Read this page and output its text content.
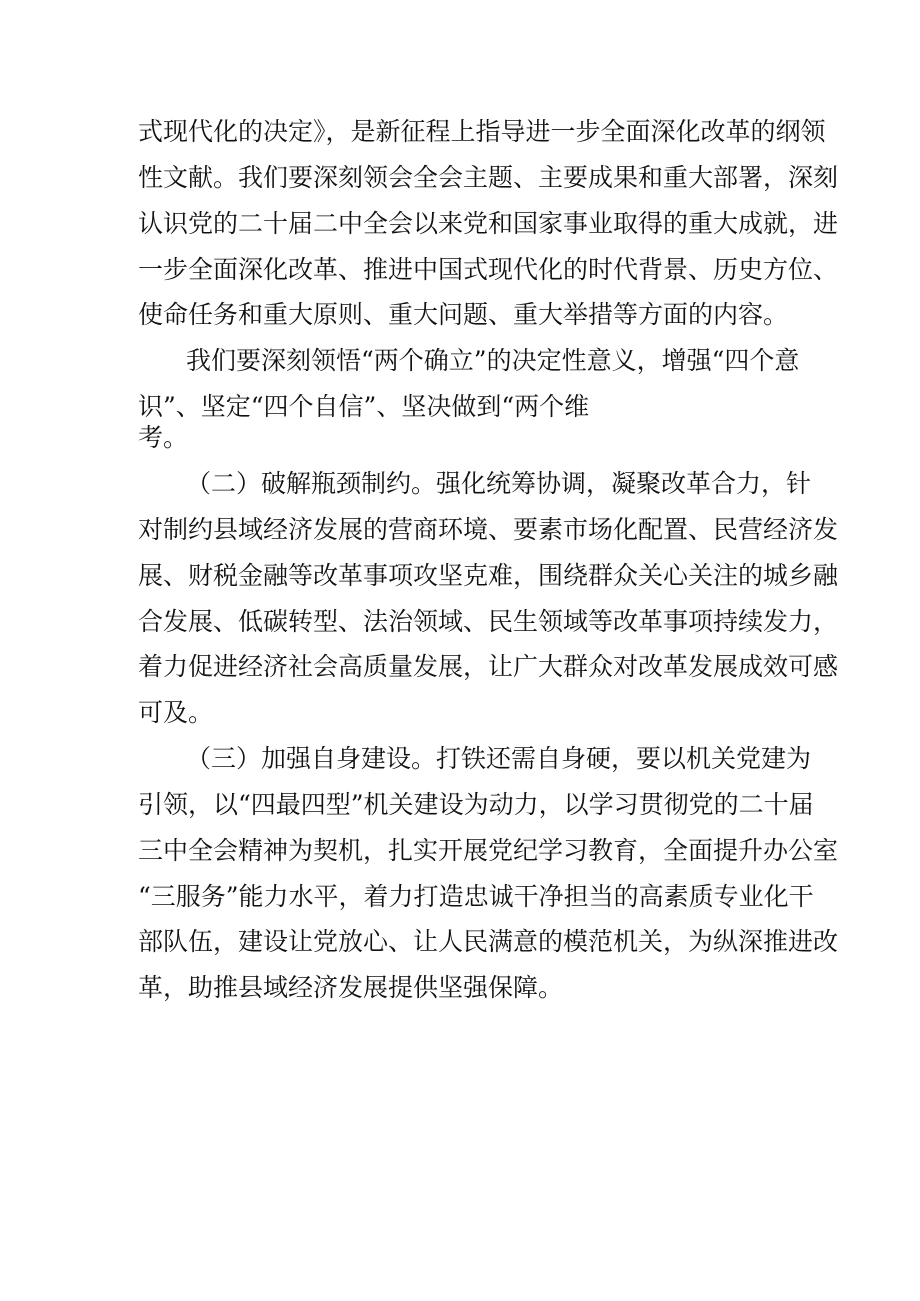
式现代化的决定》，是新征程上指导进一步全面深化改革的纲领
性文献。我们要深刻领会全会主题、主要成果和重大部署，深刻
认识党的二十届二中全会以来党和国家事业取得的重大成就，进
一步全面深化改革、推进中国式现代化的时代背景、历史方位、
使命任务和重大原则、重大问题、重大举措等方面的内容。
我们要深刻领悟“两个确立”的决定性意义，增强“四个意
识”、坚定“四个自信”、坚决做到“两个维
考。
（二）破解瓶颈制约。强化统筹协调，凝聚改革合力，针
对制约县域经济发展的营商环境、要素市场化配置、民营经济发
展、财税金融等改革事项攻坚克难，围绕群众关心关注的城乡融
合发展、低碳转型、法治领域、民生领域等改革事项持续发力，
着力促进经济社会高质量发展，让广大群众对改革发展成效可感
可及。
（三）加强自身建设。打铁还需自身硬，要以机关党建为
引领，以“四最四型”机关建设为动力，以学习贯彻党的二十届
三中全会精神为契机，扎实开展党纪学习教育，全面提升办公室
“三服务”能力水平，着力打造忠诚干净担当的高素质专业化干
部队伍，建设让党放心、让人民满意的模范机关，为纵深推进改
革，助推县域经济发展提供坚强保障。
